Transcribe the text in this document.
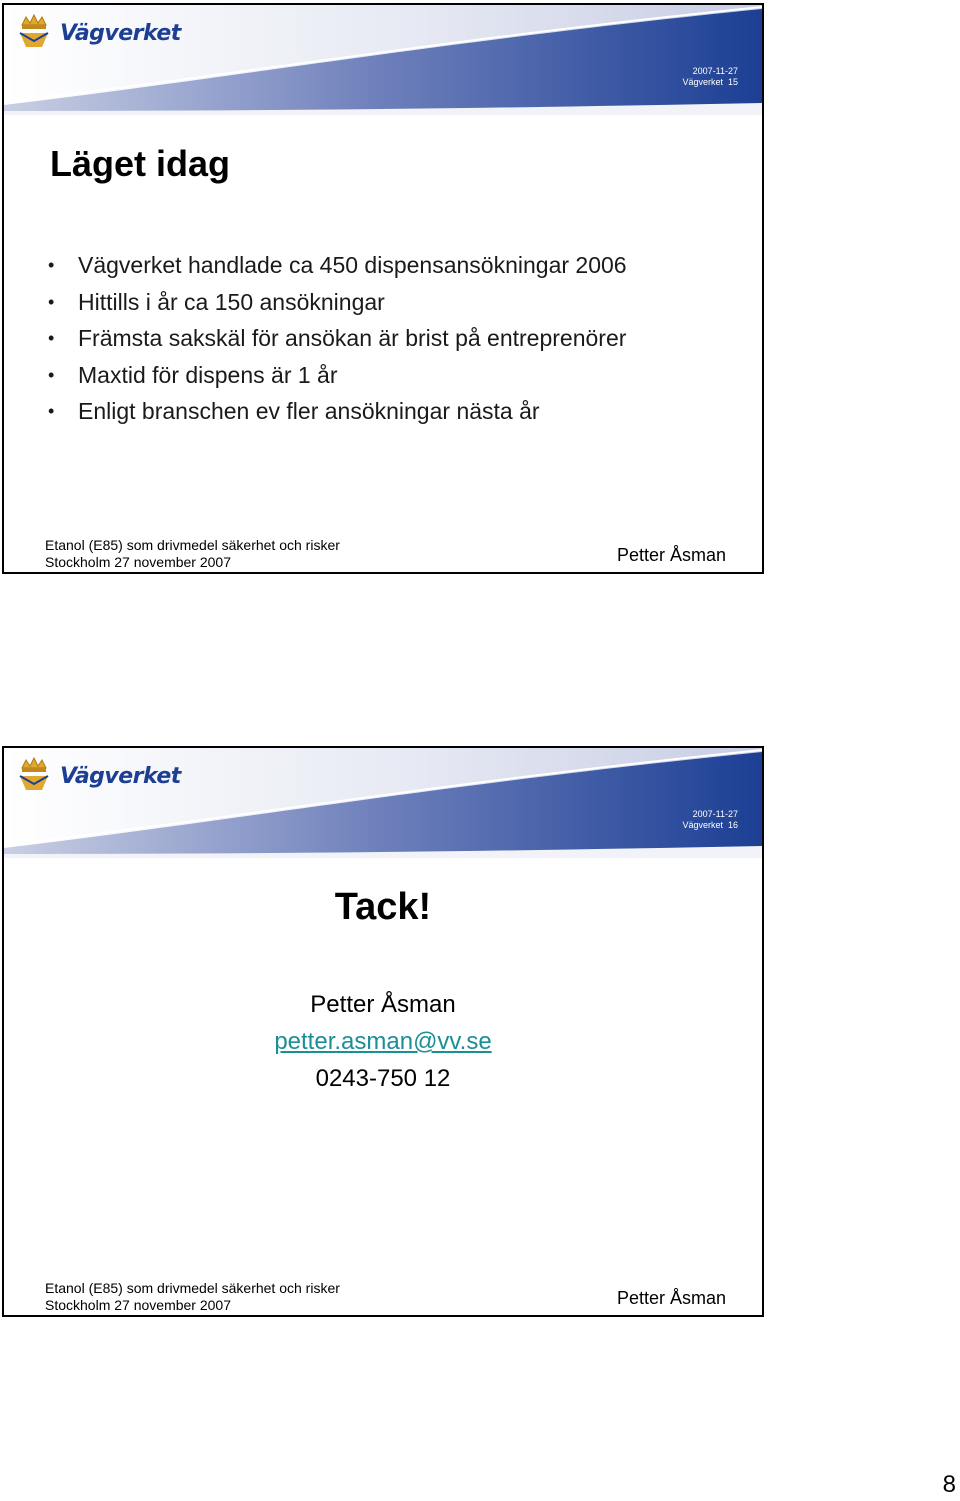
Vägverket
2007-11-27
Vägverket 15
Läget idag
• Vägverket handlade ca 450 dispensansökningar 2006
• Hittills i år ca 150 ansökningar
• Främsta sakskäl för ansökan är brist på entreprenörer
• Maxtid för dispens är 1 år
• Enligt branschen ev fler ansökningar nästa år
Etanol (E85) som drivmedel säkerhet och risker
Stockholm 27 november 2007	Petter Åsman
Vägverket
2007-11-27
Vägverket 16
Tack!
Petter Åsman
petter.asman@vv.se
0243-750 12
Etanol (E85) som drivmedel säkerhet och risker
Stockholm 27 november 2007	Petter Åsman
8
